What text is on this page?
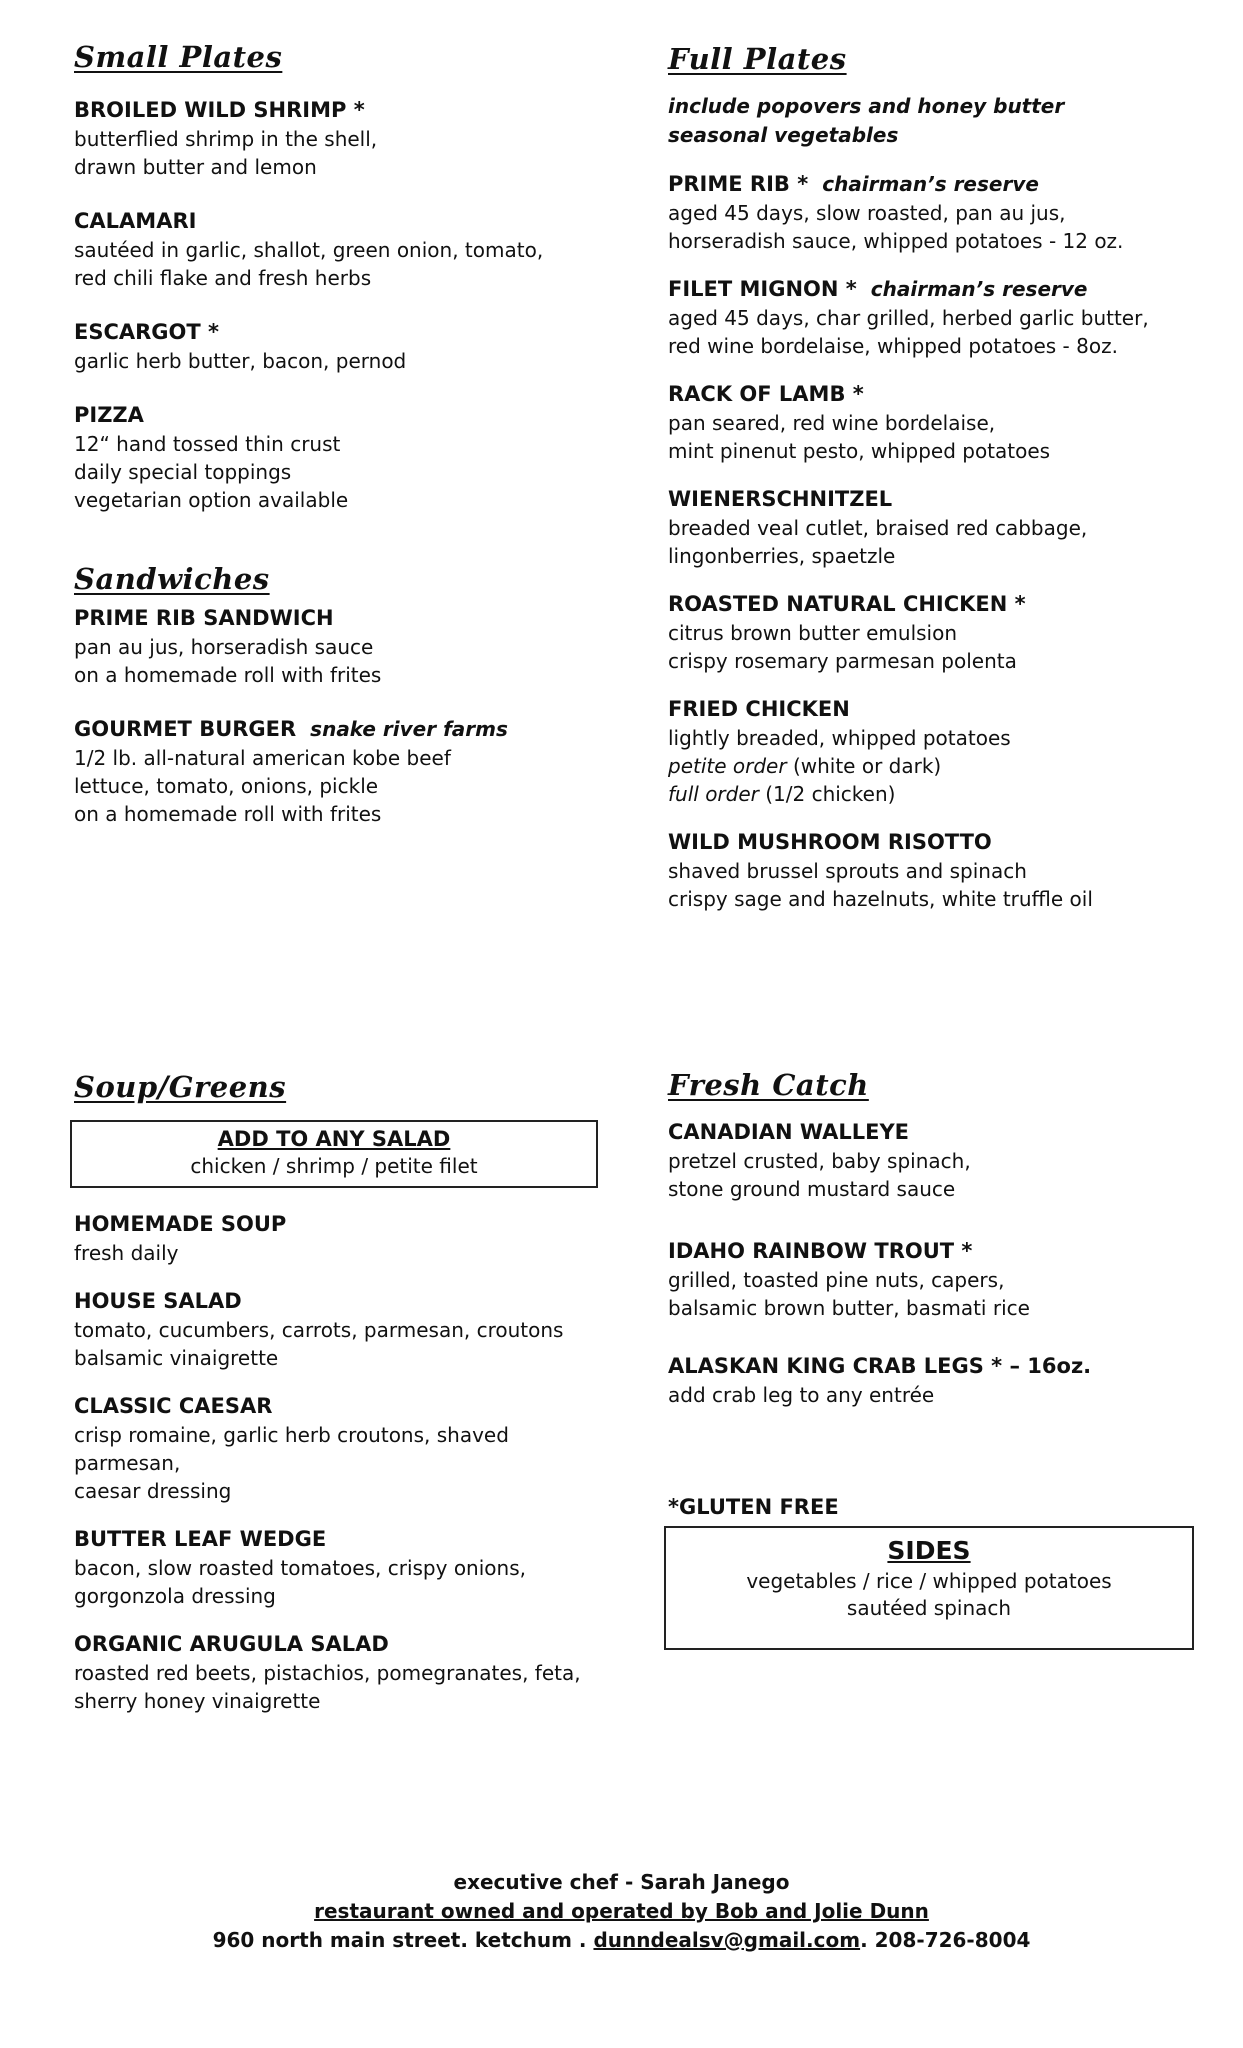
Small Plates
BROILED WILD SHRIMP *
butterflied shrimp in the shell,
drawn butter and lemon
CALAMARI
sautéed in garlic, shallot, green onion, tomato,
red chili flake and fresh herbs
ESCARGOT *
garlic herb butter, bacon, pernod
PIZZA
12“ hand tossed thin crust
daily special toppings
vegetarian option available
Sandwiches
PRIME RIB SANDWICH
pan au jus, horseradish sauce
on a homemade roll with frites
GOURMET BURGER snake river farms
1/2 lb. all-natural american kobe beef
lettuce, tomato, onions, pickle
on a homemade roll with frites
Full Plates
include popovers and honey butter
seasonal vegetables
PRIME RIB * chairman’s reserve
aged 45 days, slow roasted, pan au jus,
horseradish sauce, whipped potatoes - 12 oz.
FILET MIGNON * chairman’s reserve
aged 45 days, char grilled, herbed garlic butter,
red wine bordelaise, whipped potatoes - 8oz.
RACK OF LAMB *
pan seared, red wine bordelaise,
mint pinenut pesto, whipped potatoes
WIENERSCHNITZEL
breaded veal cutlet, braised red cabbage,
lingonberries, spaetzle
ROASTED NATURAL CHICKEN *
citrus brown butter emulsion
crispy rosemary parmesan polenta
FRIED CHICKEN
lightly breaded, whipped potatoes
petite order (white or dark)
full order (1/2 chicken)
WILD MUSHROOM RISOTTO
shaved brussel sprouts and spinach
crispy sage and hazelnuts, white truffle oil
Soup/Greens
ADD TO ANY SALAD
chicken / shrimp / petite filet
HOMEMADE SOUP
fresh daily
HOUSE SALAD
tomato, cucumbers, carrots, parmesan, croutons
balsamic vinaigrette
CLASSIC CAESAR
crisp romaine, garlic herb croutons, shaved parmesan,
caesar dressing
BUTTER LEAF WEDGE
bacon, slow roasted tomatoes, crispy onions,
gorgonzola dressing
ORGANIC ARUGULA SALAD
roasted red beets, pistachios, pomegranates, feta,
sherry honey vinaigrette
Fresh Catch
CANADIAN WALLEYE
pretzel crusted, baby spinach,
stone ground mustard sauce
IDAHO RAINBOW TROUT *
grilled, toasted pine nuts, capers,
balsamic brown butter, basmati rice
ALASKAN KING CRAB LEGS * – 16oz.
add crab leg to any entrée
*GLUTEN FREE
SIDES
vegetables / rice / whipped potatoes
sautéed spinach
executive chef - Sarah Janego
restaurant owned and operated by Bob and Jolie Dunn
960 north main street. ketchum . dunndealsv@gmail.com. 208-726-8004
